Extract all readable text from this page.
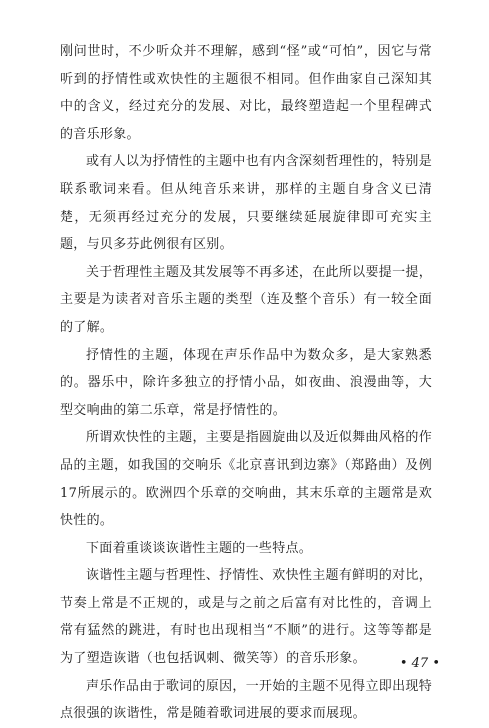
刚问世时，不少听众并不理解，感到“怪”或“可怕”，因它与常听到的抒情性或欢快性的主题很不相同。但作曲家自己深知其中的含义，经过充分的发展、对比，最终塑造起一个里程碑式的音乐形象。

或有人以为抒情性的主题中也有内含深刻哲理性的，特别是联系歌词来看。但从纯音乐来讲，那样的主题自身含义已清楚，无须再经过充分的发展，只要继续延展旋律即可充实主题，与贝多芬此例很有区别。

关于哲理性主题及其发展等不再多述，在此所以要提一提，主要是为读者对音乐主题的类型（连及整个音乐）有一较全面的了解。

抒情性的主题，体现在声乐作品中为数众多，是大家熟悉的。器乐中，除许多独立的抒情小品，如夜曲、浪漫曲等，大型交响曲的第二乐章，常是抒情性的。

所谓欢快性的主题，主要是指圆旋曲以及近似舞曲风格的作品的主题，如我国的交响乐《北京喜讯到边寨》（郑路曲）及例17所展示的。欧洲四个乐章的交响曲，其末乐章的主题常是欢快性的。

下面着重谈谈诙谐性主题的一些特点。

诙谐性主题与哲理性、抒情性、欢快性主题有鲜明的对比，节奏上常是不正规的，或是与之前之后富有对比性的，音调上常有猛然的跳进，有时也出现相当“不顺”的进行。这等等都是为了塑造诙谐（也包括讽刺、微笑等）的音乐形象。

声乐作品由于歌词的原因，一开始的主题不见得立即出现特点很强的诙谐性，常是随着歌词进展的要求而展现。

• 47 •
